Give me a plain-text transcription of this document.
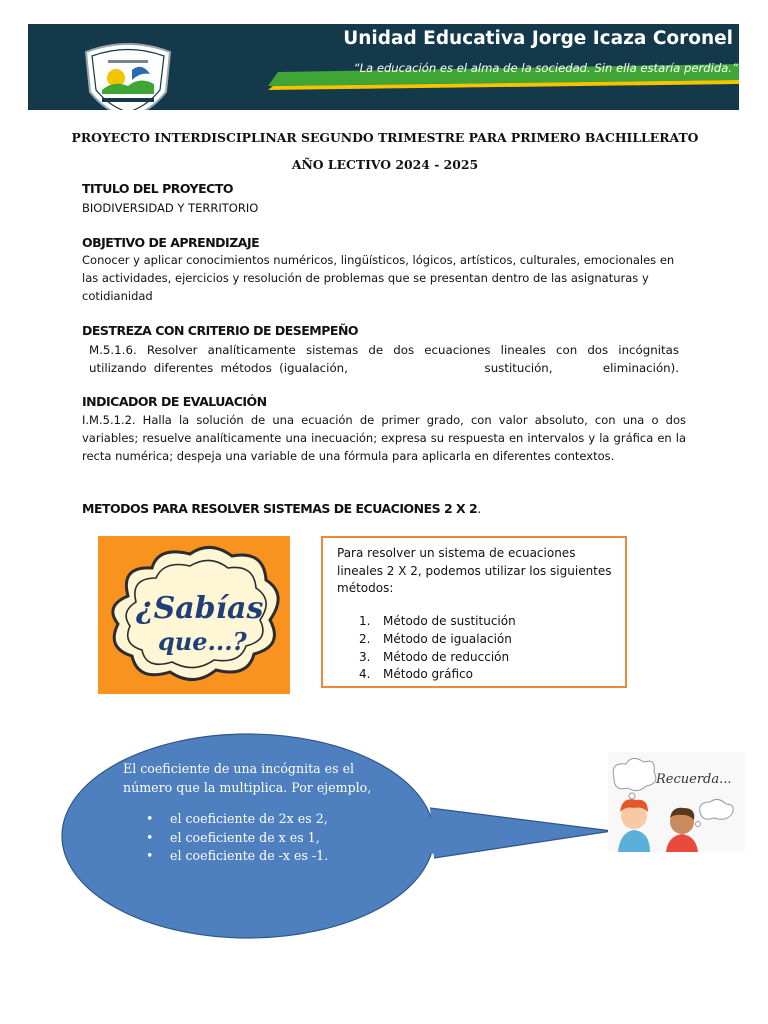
Unidad Educativa Jorge Icaza Coronel
“La educación es el alma de la sociedad. Sin ella estaría perdida.”
PROYECTO INTERDISCIPLINAR SEGUNDO TRIMESTRE PARA PRIMERO BACHILLERATO
AÑO LECTIVO 2024 - 2025
TITULO DEL PROYECTO
BIODIVERSIDAD Y TERRITORIO
OBJETIVO DE APRENDIZAJE
Conocer y aplicar conocimientos numéricos, lingüísticos, lógicos, artísticos, culturales, emocionales en las actividades, ejercicios y resolución de problemas que se presentan dentro de las asignaturas y cotidianidad
DESTREZA CON CRITERIO DE DESEMPEÑO
M.5.1.6. Resolver analíticamente sistemas de dos ecuaciones lineales con dos incógnitas
utilizando diferentes métodos (igualación,                   sustitución,       eliminación).
INDICADOR DE EVALUACIÓN
I.M.5.1.2. Halla la solución de una ecuación de primer grado, con valor absoluto, con una o dos variables; resuelve analíticamente una inecuación; expresa su respuesta en intervalos y la gráfica en la recta numérica; despeja una variable de una fórmula para aplicarla en diferentes contextos.
METODOS PARA RESOLVER SISTEMAS DE ECUACIONES 2 X 2.
¿Sabías
que...?
Para resolver un sistema de ecuaciones lineales 2 X 2, podemos utilizar los siguientes métodos:
1. Método de sustitución
2. Método de igualación
3. Método de reducción
4. Método gráfico
El coeficiente de una incógnita es el número que la multiplica. Por ejemplo,
• el coeficiente de 2x es 2,
• el coeficiente de x es 1,
• el coeficiente de -x es -1.
Recuerda...
